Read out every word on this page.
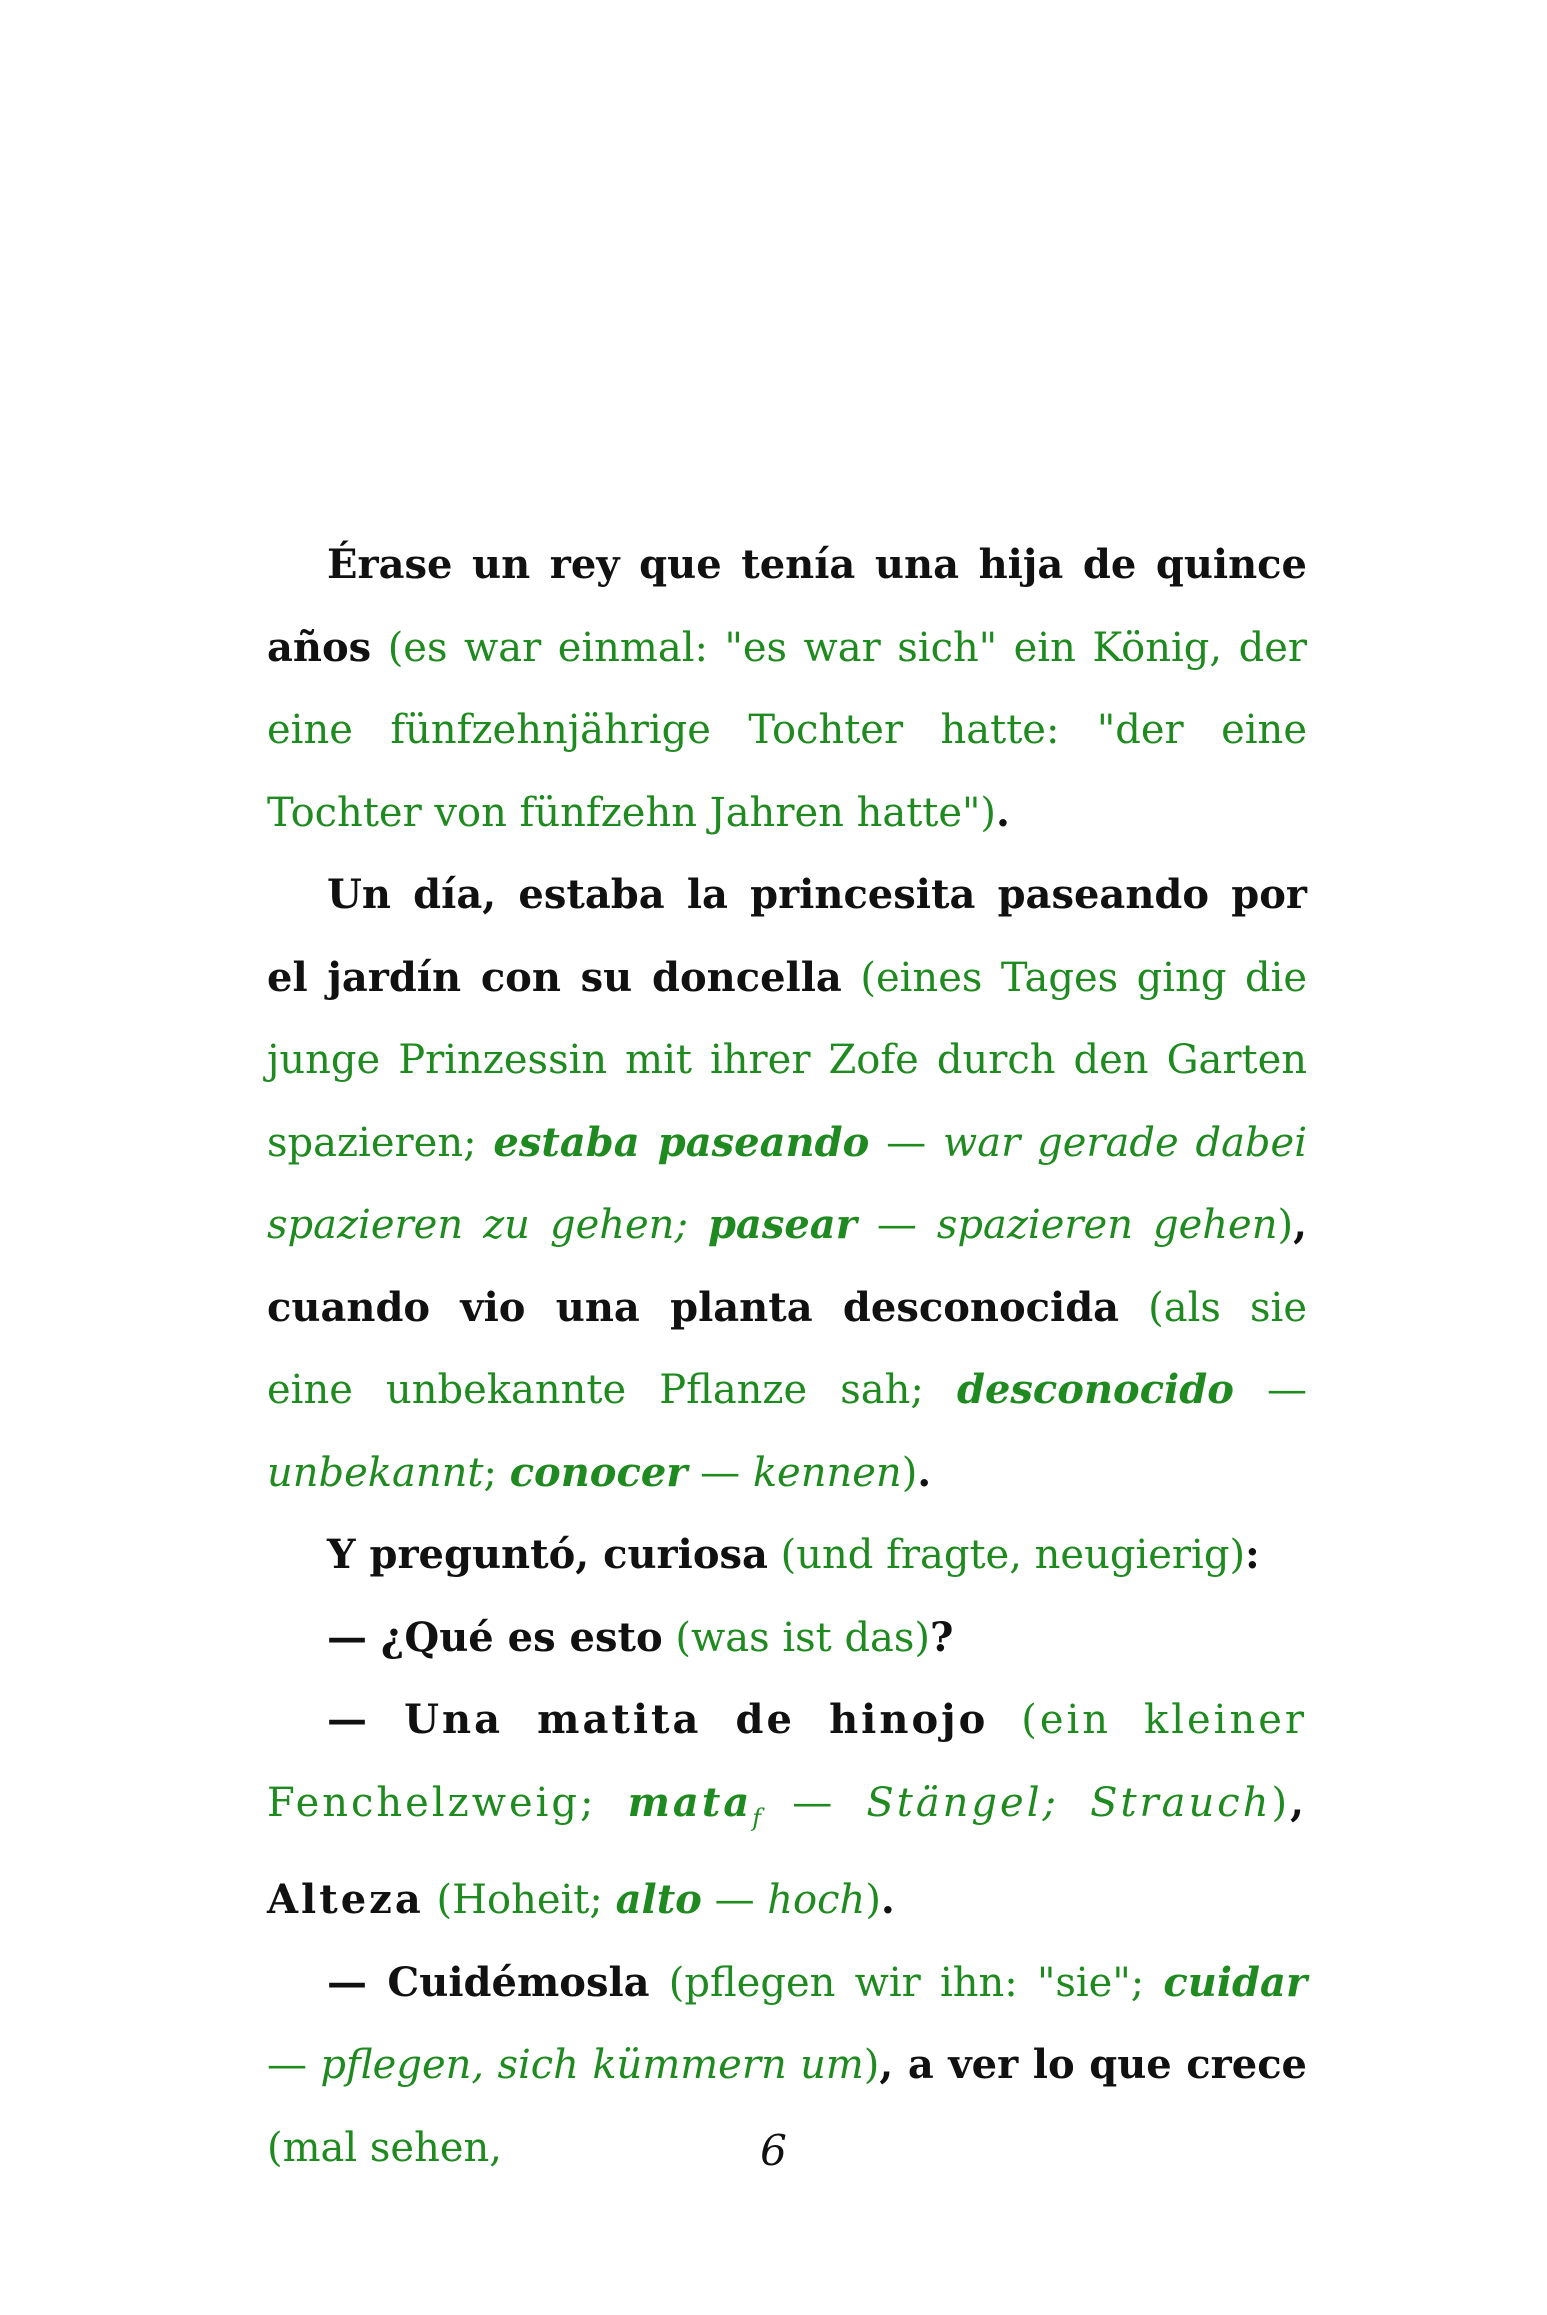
Érase un rey que tenía una hija de quince años (es war einmal: "es war sich" ein König, der eine fünfzehnjährige Tochter hatte: "der eine Tochter von fünfzehn Jahren hatte").

Un día, estaba la princesita paseando por el jardín con su doncella (eines Tages ging die junge Prinzessin mit ihrer Zofe durch den Garten spazieren; estaba paseando — war gerade dabei spazieren zu gehen; pasear — spazieren gehen), cuando vio una planta desconocida (als sie eine unbekannte Pflanze sah; desconocido — unbekannt; conocer — kennen).

Y preguntó, curiosa (und fragte, neugierig):

— ¿Qué es esto (was ist das)?

— Una matita de hinojo (ein kleiner Fenchelzweig; mata$_f$ — Stängel; Strauch), Alteza (Hoheit; alto — hoch).

— Cuidémosla (pflegen wir ihn: "sie"; cuidar — pflegen, sich kümmern um), a ver lo que crece (mal sehen,	6
